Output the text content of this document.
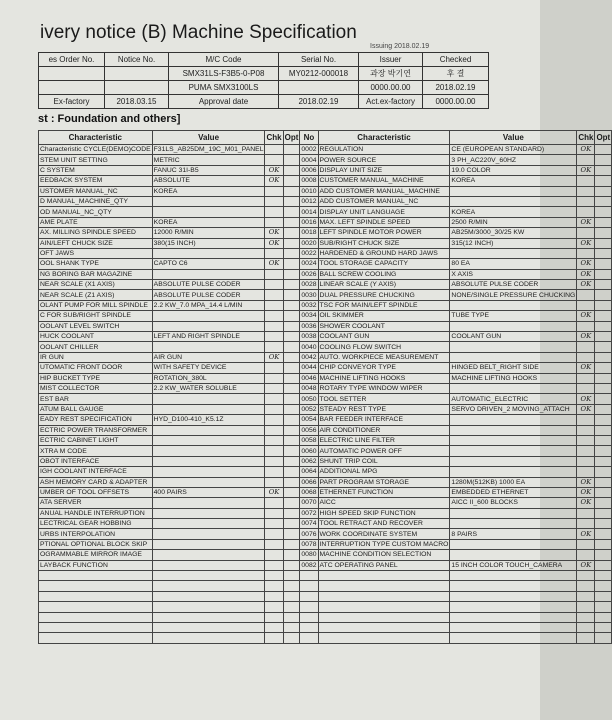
ivery notice (B) Machine Specification
Issuing 2018.02.19
es Order No.	Notice No.	M/C Code	Serial No.	Issuer	Checked
		SMX31LS-F3B5-0-P08	MY0212-000018	과장 박기연	후 결
		PUMA SMX3100LS		0000.00.00	2018.02.19
Ex-factory	2018.03.15	Approval date	2018.02.19	Act.ex-factory	0000.00.00
st : Foundation and others]
Characteristic	Value	Chk	Opt	No	Characteristic	Value	Chk	Opt
Characteristic CYCLE(DEMO)CODE	F31LS_AB25DM_19C_M01_PANEL			0002	REGULATION	CE (EUROPEAN STANDARD)	OK	
STEM UNIT SETTING	METRIC			0004	POWER SOURCE	3 PH_AC220V_60HZ		
C SYSTEM	FANUC 31I-B5	OK		0006	DISPLAY UNIT SIZE	19.0 COLOR	OK	
EEDBACK SYSTEM	ABSOLUTE	OK		0008	CUSTOMER MANUAL_MACHINE	KOREA		
USTOMER MANUAL_NC	KOREA			0010	ADD CUSTOMER MANUAL_MACHINE			
D MANUAL_MACHINE_QTY				0012	ADD CUSTOMER MANUAL_NC			
OD MANUAL_NC_QTY				0014	DISPLAY UNIT LANGUAGE	KOREA		
AME PLATE	KOREA			0016	MAX. LEFT SPINDLE SPEED	2500 R/MIN	OK	
AX. MILLING SPINDLE SPEED	12000 R/MIN	OK		0018	LEFT SPINDLE MOTOR POWER	AB25M/3000_30/25 KW		
AIN/LEFT CHUCK SIZE	380(15 INCH)	OK		0020	SUB/RIGHT CHUCK SIZE	315(12 INCH)	OK	
OFT JAWS				0022	HARDENED & GROUND HARD JAWS			
OOL SHANK TYPE	CAPTO C6	OK		0024	TOOL STORAGE CAPACITY	80 EA	OK	
NG BORING BAR MAGAZINE				0026	BALL SCREW COOLING	X AXIS	OK	
NEAR SCALE (X1 AXIS)	ABSOLUTE PULSE CODER			0028	LINEAR SCALE (Y AXIS)	ABSOLUTE PULSE CODER	OK	
NEAR SCALE (Z1 AXIS)	ABSOLUTE PULSE CODER			0030	DUAL PRESSURE CHUCKING	NONE/SINGLE PRESSURE CHUCKING		
OLANT PUMP FOR MILL SPINDLE	2.2 KW_7.0 MPA_14.4 L/MIN			0032	TSC FOR MAIN/LEFT SPINDLE			
C FOR SUB/RIGHT SPINDLE				0034	OIL SKIMMER	TUBE TYPE	OK	
OOLANT LEVEL SWITCH				0036	SHOWER COOLANT			
HUCK COOLANT	LEFT AND RIGHT SPINDLE			0038	COOLANT GUN	COOLANT GUN	OK	
OOLANT CHILLER				0040	COOLING FLOW SWITCH			
IR GUN	AIR GUN	OK		0042	AUTO. WORKPIECE MEASUREMENT			
UTOMATIC FRONT DOOR	WITH SAFETY DEVICE			0044	CHIP CONVEYOR TYPE	HINGED BELT_RIGHT SIDE	OK	
HIP BUCKET TYPE	ROTATION_380L			0046	MACHINE LIFTING HOOKS	MACHINE LIFTING HOOKS		
MIST COLLECTOR	2.2 KW_WATER SOLUBLE			0048	ROTARY TYPE WINDOW WIPER			
EST BAR				0050	TOOL SETTER	AUTOMATIC_ELECTRIC	OK	
ATUM BALL GAUGE				0052	STEADY REST TYPE	SERVO DRIVEN_2 MOVING_ATTACH	OK	
EADY REST SPECIFICATION	HYD_D100-410_K5.1Z			0054	BAR FEEDER INTERFACE			
ECTRIC POWER TRANSFORMER				0056	AIR CONDITIONER			
ECTRIC CABINET LIGHT				0058	ELECTRIC LINE FILTER			
XTRA M CODE				0060	AUTOMATIC POWER OFF			
OBOT INTERFACE				0062	SHUNT TRIP COIL			
IGH COOLANT INTERFACE				0064	ADDITIONAL MPG			
ASH MEMORY CARD & ADAPTER				0066	PART PROGRAM STORAGE	1280M(512KB) 1000 EA	OK	
UMBER OF TOOL OFFSETS	400 PAIRS	OK		0068	ETHERNET FUNCTION	EMBEDDED ETHERNET	OK	
ATA SERVER				0070	AICC	AICC II_600 BLOCKS	OK	
ANUAL HANDLE INTERRUPTION				0072	HIGH SPEED SKIP FUNCTION			
LECTRICAL GEAR HOBBING				0074	TOOL RETRACT AND RECOVER			
URBS INTERPOLATION				0076	WORK COORDINATE SYSTEM	8 PAIRS	OK	
PTIONAL OPTIONAL BLOCK SKIP				0078	INTERRUPTION TYPE CUSTOM MACRO			
OGRAMMABLE MIRROR IMAGE				0080	MACHINE CONDITION SELECTION			
LAYBACK FUNCTION				0082	ATC OPERATING PANEL	15 INCH COLOR TOUCH_CAMERA	OK	
